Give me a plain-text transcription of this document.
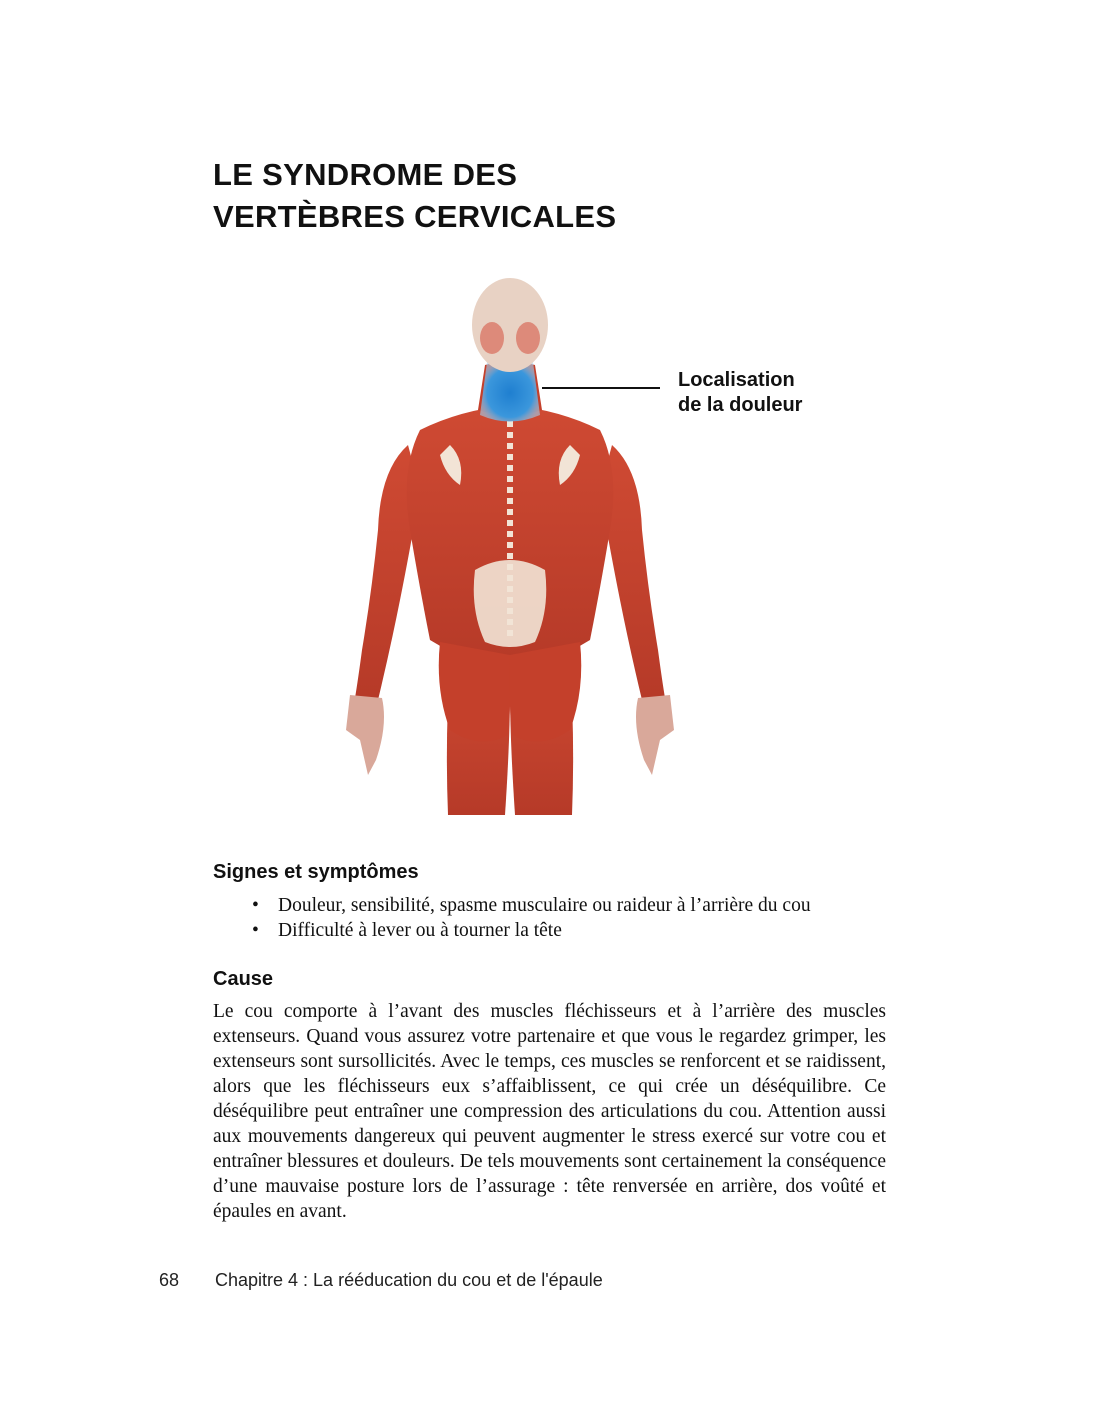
LE SYNDROME DES
VERTÈBRES CERVICALES
Localisation
de la douleur
Signes et symptômes
• Douleur, sensibilité, spasme musculaire ou raideur à l’arrière du cou
• Difficulté à lever ou à tourner la tête
Cause

Le cou comporte à l’avant des muscles fléchisseurs et à l’arrière des muscles extenseurs. Quand vous assurez votre partenaire et que vous le regardez grimper, les extenseurs sont sursollicités. Avec le temps, ces muscles se renforcent et se raidissent, alors que les fléchisseurs eux s’affaiblissent, ce qui crée un déséquilibre. Ce déséquilibre peut entraîner une compression des articulations du cou. Attention aussi aux mouvements dangereux qui peuvent augmenter le stress exercé sur votre cou et entraîner blessures et douleurs. De tels mouvements sont certainement la conséquence d’une mauvaise posture lors de l’assurage : tête renversée en arrière, dos voûté et épaules en avant.

68 Chapitre 4 : La rééducation du cou et de l'épaule
